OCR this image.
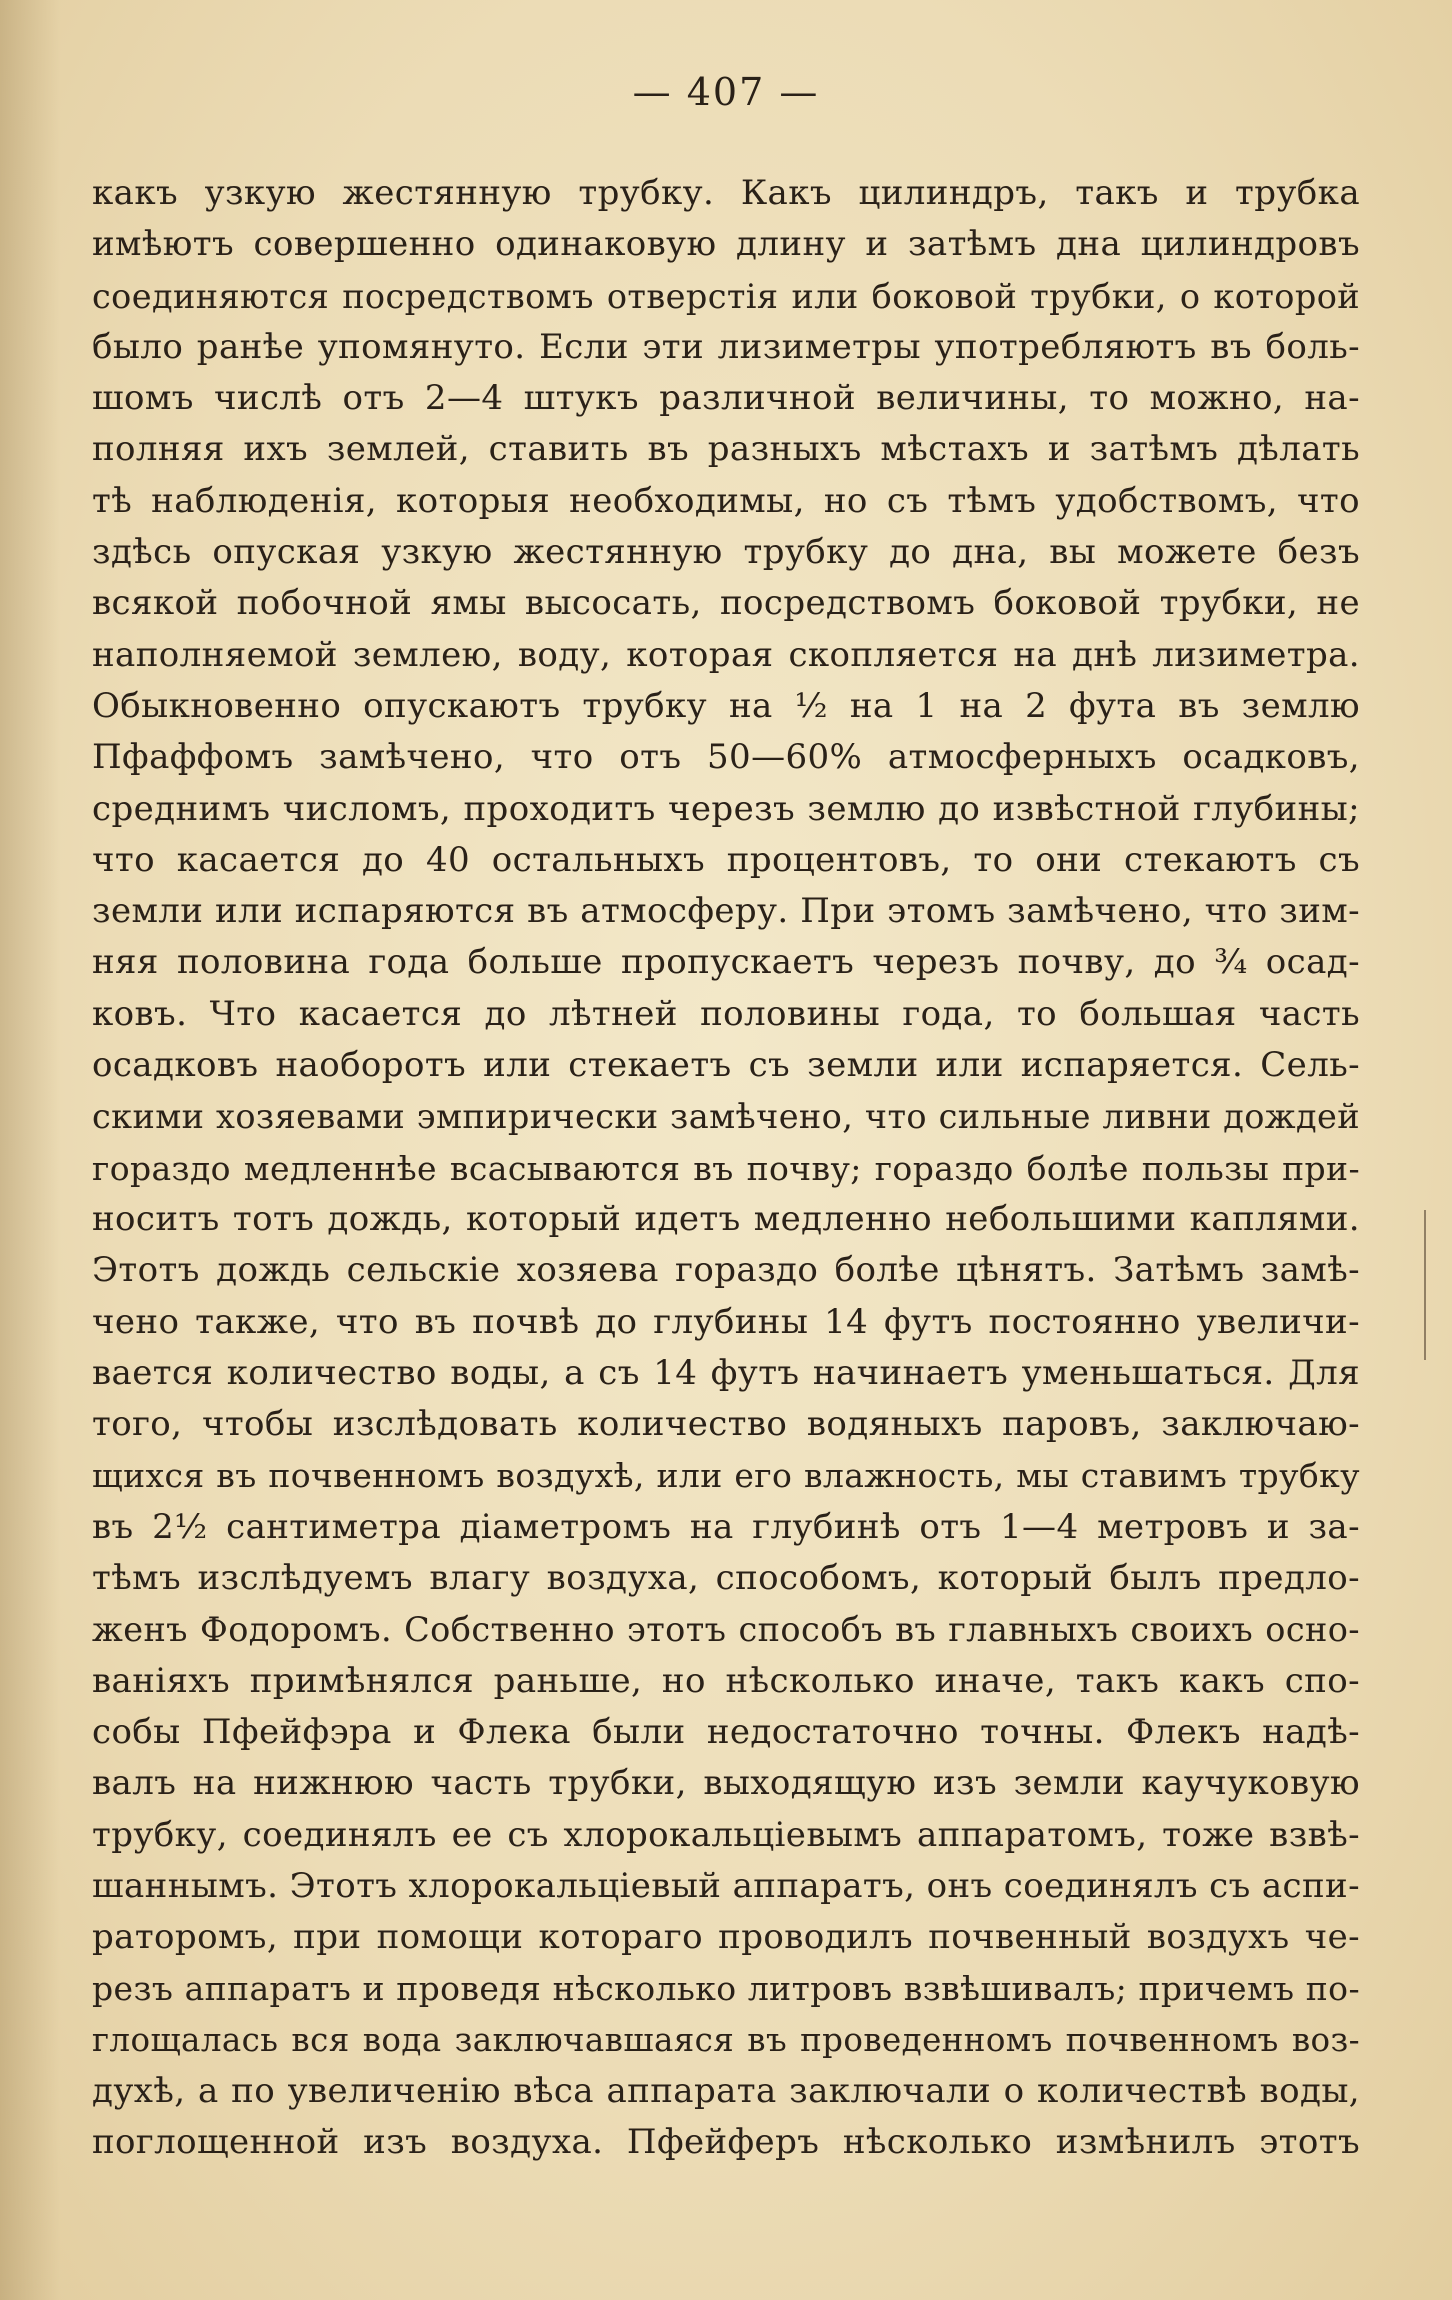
— 407 —
какъ узкую жестянную трубку. Какъ цилиндръ, такъ и трубка
имѣютъ совершенно одинаковую длину и затѣмъ дна цилиндровъ
соединяются посредствомъ отверстія или боковой трубки, о которой
было ранѣе упомянуто. Если эти лизиметры употребляютъ въ боль-
шомъ числѣ отъ 2—4 штукъ различной величины, то можно, на-
полняя ихъ землей, ставить въ разныхъ мѣстахъ и затѣмъ дѣлать
тѣ наблюденія, которыя необходимы, но съ тѣмъ удобствомъ, что
здѣсь опуская узкую жестянную трубку до дна, вы можете безъ
всякой побочной ямы высосать, посредствомъ боковой трубки, не
наполняемой землею, воду, которая скопляется на днѣ лизиметра.
Обыкновенно опускаютъ трубку на ½ на 1 на 2 фута въ землю
Пфаффомъ замѣчено, что отъ 50—60% атмосферныхъ осадковъ,
среднимъ числомъ, проходитъ черезъ землю до извѣстной глубины;
что касается до 40 остальныхъ процентовъ, то они стекаютъ съ
земли или испаряются въ атмосферу. При этомъ замѣчено, что зим-
няя половина года больше пропускаетъ черезъ почву, до ¾ осад-
ковъ. Что касается до лѣтней половины года, то большая часть
осадковъ наоборотъ или стекаетъ съ земли или испаряется. Сель-
скими хозяевами эмпирически замѣчено, что сильные ливни дождей
гораздо медленнѣе всасываются въ почву; гораздо болѣе пользы при-
носитъ тотъ дождь, который идетъ медленно небольшими каплями.
Этотъ дождь сельскіе хозяева гораздо болѣе цѣнятъ. Затѣмъ замѣ-
чено также, что въ почвѣ до глубины 14 футъ постоянно увеличи-
вается количество воды, а съ 14 футъ начинаетъ уменьшаться. Для
того, чтобы изслѣдовать количество водяныхъ паровъ, заключаю-
щихся въ почвенномъ воздухѣ, или его влажность, мы ставимъ трубку
въ 2½ сантиметра діаметромъ на глубинѣ отъ 1—4 метровъ и за-
тѣмъ изслѣдуемъ влагу воздуха, способомъ, который былъ предло-
женъ Фодоромъ. Собственно этотъ способъ въ главныхъ своихъ осно-
ваніяхъ примѣнялся раньше, но нѣсколько иначе, такъ какъ спо-
собы Пфейфэра и Флека были недостаточно точны. Флекъ надѣ-
валъ на нижнюю часть трубки, выходящую изъ земли каучуковую
трубку, соединялъ ее съ хлорокальціевымъ аппаратомъ, тоже взвѣ-
шаннымъ. Этотъ хлорокальціевый аппаратъ, онъ соединялъ съ аспи-
раторомъ, при помощи котораго проводилъ почвенный воздухъ че-
резъ аппаратъ и проведя нѣсколько литровъ взвѣшивалъ; причемъ по-
глощалась вся вода заключавшаяся въ проведенномъ почвенномъ воз-
духѣ, а по увеличенію вѣса аппарата заключали о количествѣ воды,
поглощенной изъ воздуха. Пфейферъ нѣсколько измѣнилъ этотъ
